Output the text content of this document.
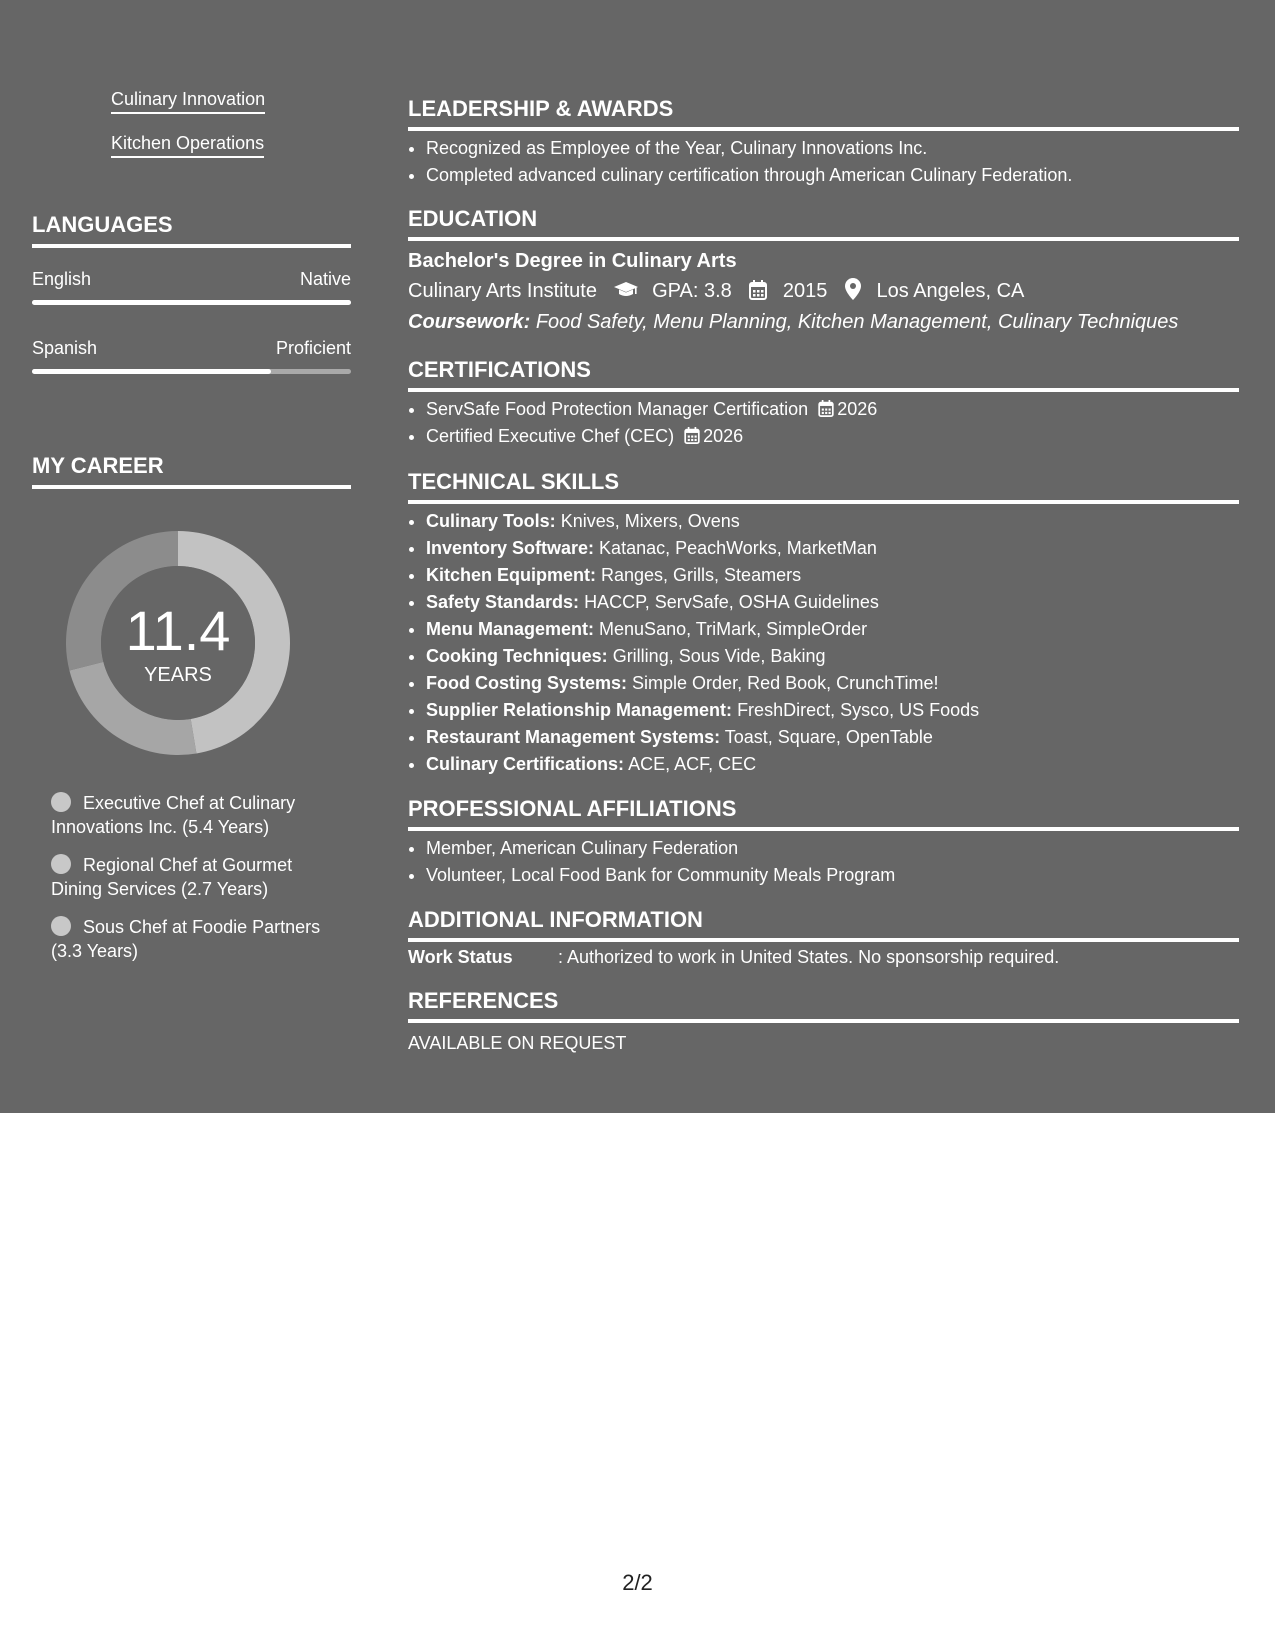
Culinary Innovation
Kitchen Operations
LANGUAGES
English	Native
Spanish	Proficient
MY CAREER
11.4
YEARS
Executive Chef at Culinary Innovations Inc. (5.4 Years)
Regional Chef at Gourmet Dining Services (2.7 Years)
Sous Chef at Foodie Partners (3.3 Years)
LEADERSHIP & AWARDS
• Recognized as Employee of the Year, Culinary Innovations Inc.
• Completed advanced culinary certification through American Culinary Federation.
EDUCATION
Bachelor's Degree in Culinary Arts
Culinary Arts Institute	GPA: 3.8	2015 Los Angeles, CA
Coursework: Food Safety, Menu Planning, Kitchen Management, Culinary Techniques
CERTIFICATIONS
• ServSafe Food Protection Manager Certification 2026
• Certified Executive Chef (CEC) 2026
TECHNICAL SKILLS
• Culinary Tools: Knives, Mixers, Ovens
• Inventory Software: Katanac, PeachWorks, MarketMan
• Kitchen Equipment: Ranges, Grills, Steamers
• Safety Standards: HACCP, ServSafe, OSHA Guidelines
• Menu Management: MenuSano, TriMark, SimpleOrder
• Cooking Techniques: Grilling, Sous Vide, Baking
• Food Costing Systems: Simple Order, Red Book, CrunchTime!
• Supplier Relationship Management: FreshDirect, Sysco, US Foods
• Restaurant Management Systems: Toast, Square, OpenTable
• Culinary Certifications: ACE, ACF, CEC
PROFESSIONAL AFFILIATIONS
• Member, American Culinary Federation
• Volunteer, Local Food Bank for Community Meals Program
ADDITIONAL INFORMATION
Work Status	: Authorized to work in United States. No sponsorship required.
REFERENCES
AVAILABLE ON REQUEST
2/2
